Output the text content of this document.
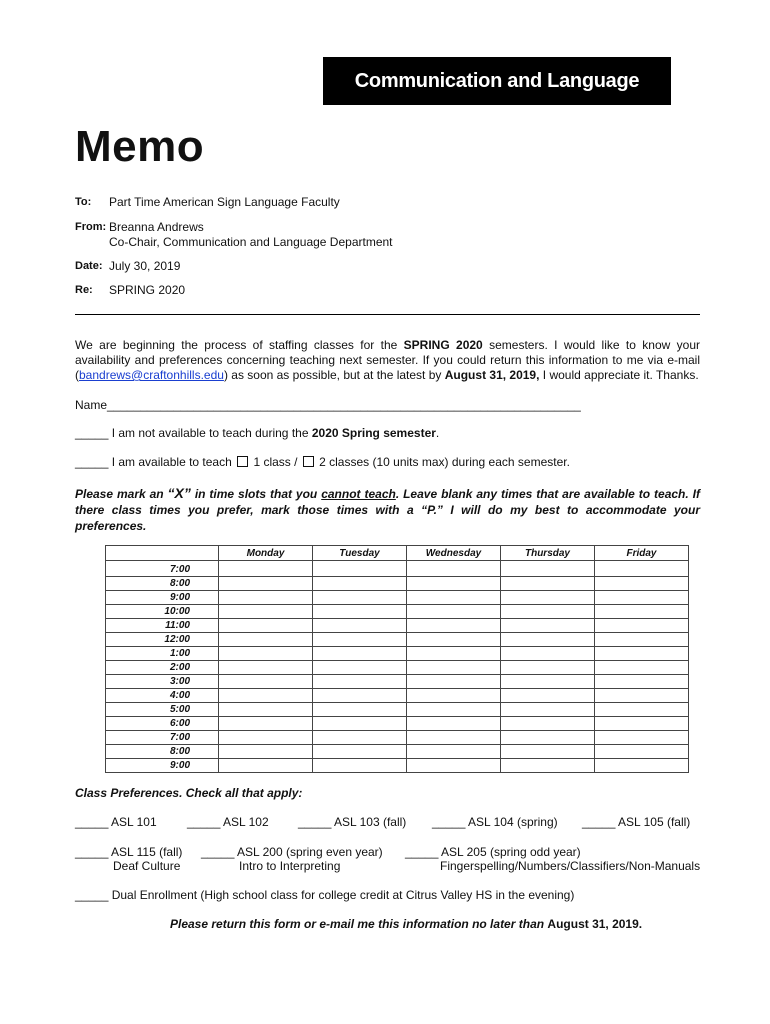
Communication and Language
Memo
To: Part Time American Sign Language Faculty
From: Breanna Andrews
Co-Chair, Communication and Language Department
Date: July 30, 2019
Re: SPRING 2020
We are beginning the process of staffing classes for the SPRING 2020 semesters. I would like to know your availability and preferences concerning teaching next semester. If you could return this information to me via e-mail (bandrews@craftonhills.edu) as soon as possible, but at the latest by August 31, 2019, I would appreciate it. Thanks.
Name_______________________________________________________________________
_____ I am not available to teach during the 2020 Spring semester.
_____ I am available to teach  1 class /  2 classes (10 units max) during each semester.
Please mark an “X” in time slots that you cannot teach. Leave blank any times that are available to teach. If there class times you prefer, mark those times with a “P.” I will do my best to accommodate your preferences.
	Monday	Tuesday	Wednesday	Thursday	Friday
7:00					
8:00					
9:00					
10:00					
11:00					
12:00					
1:00					
2:00					
3:00					
4:00					
5:00					
6:00					
7:00					
8:00					
9:00					
Class Preferences. Check all that apply:
_____ ASL 101	_____ ASL 102 _____ ASL 103 (fall) _____ ASL 104 (spring) _____ ASL 105 (fall)
_____ ASL 115 (fall)
Deaf Culture
_____ ASL 200 (spring even year)
Intro to Interpreting
_____ ASL 205 (spring odd year)
Fingerspelling/Numbers/Classifiers/Non-Manuals
_____ Dual Enrollment (High school class for college credit at Citrus Valley HS in the evening)
Please return this form or e-mail me this information no later than August 31, 2019.
